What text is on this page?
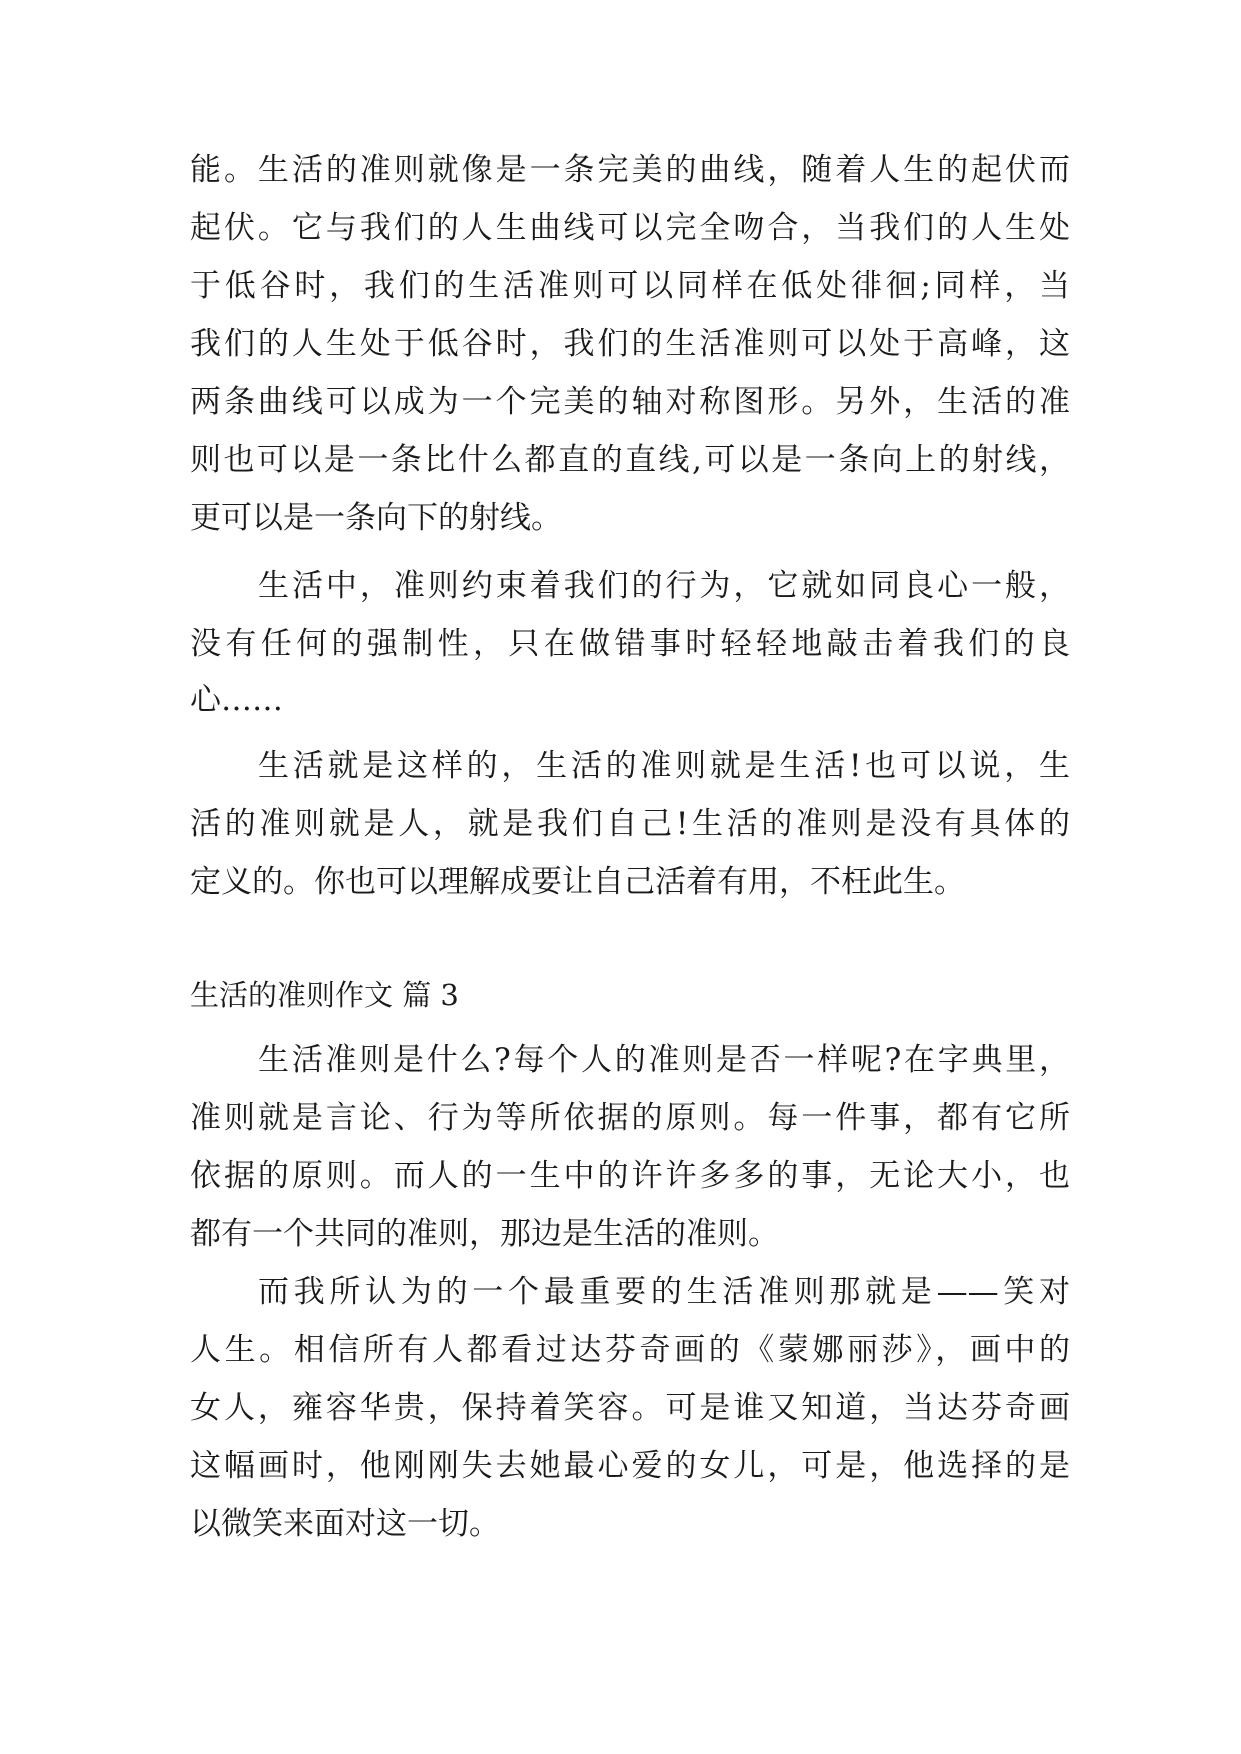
能。生活的准则就像是一条完美的曲线，随着人生的起伏而
起伏。它与我们的人生曲线可以完全吻合，当我们的人生处
于低谷时，我们的生活准则可以同样在低处徘徊;同样，当
我们的人生处于低谷时，我们的生活准则可以处于高峰，这
两条曲线可以成为一个完美的轴对称图形。另外，生活的准
则也可以是一条比什么都直的直线,可以是一条向上的射线，
更可以是一条向下的射线。
生活中，准则约束着我们的行为，它就如同良心一般，
没有任何的强制性，只在做错事时轻轻地敲击着我们的良
心……
生活就是这样的，生活的准则就是生活!也可以说，生
活的准则就是人，就是我们自己!生活的准则是没有具体的
定义的。你也可以理解成要让自己活着有用，不枉此生。
生活的准则作文 篇 3
生活准则是什么?每个人的准则是否一样呢?在字典里，
准则就是言论、行为等所依据的原则。每一件事，都有它所
依据的原则。而人的一生中的许许多多的事，无论大小，也
都有一个共同的准则，那边是生活的准则。
而我所认为的一个最重要的生活准则那就是——笑对
人生。相信所有人都看过达芬奇画的《蒙娜丽莎》，画中的
女人，雍容华贵，保持着笑容。可是谁又知道，当达芬奇画
这幅画时，他刚刚失去她最心爱的女儿，可是，他选择的是
以微笑来面对这一切。
